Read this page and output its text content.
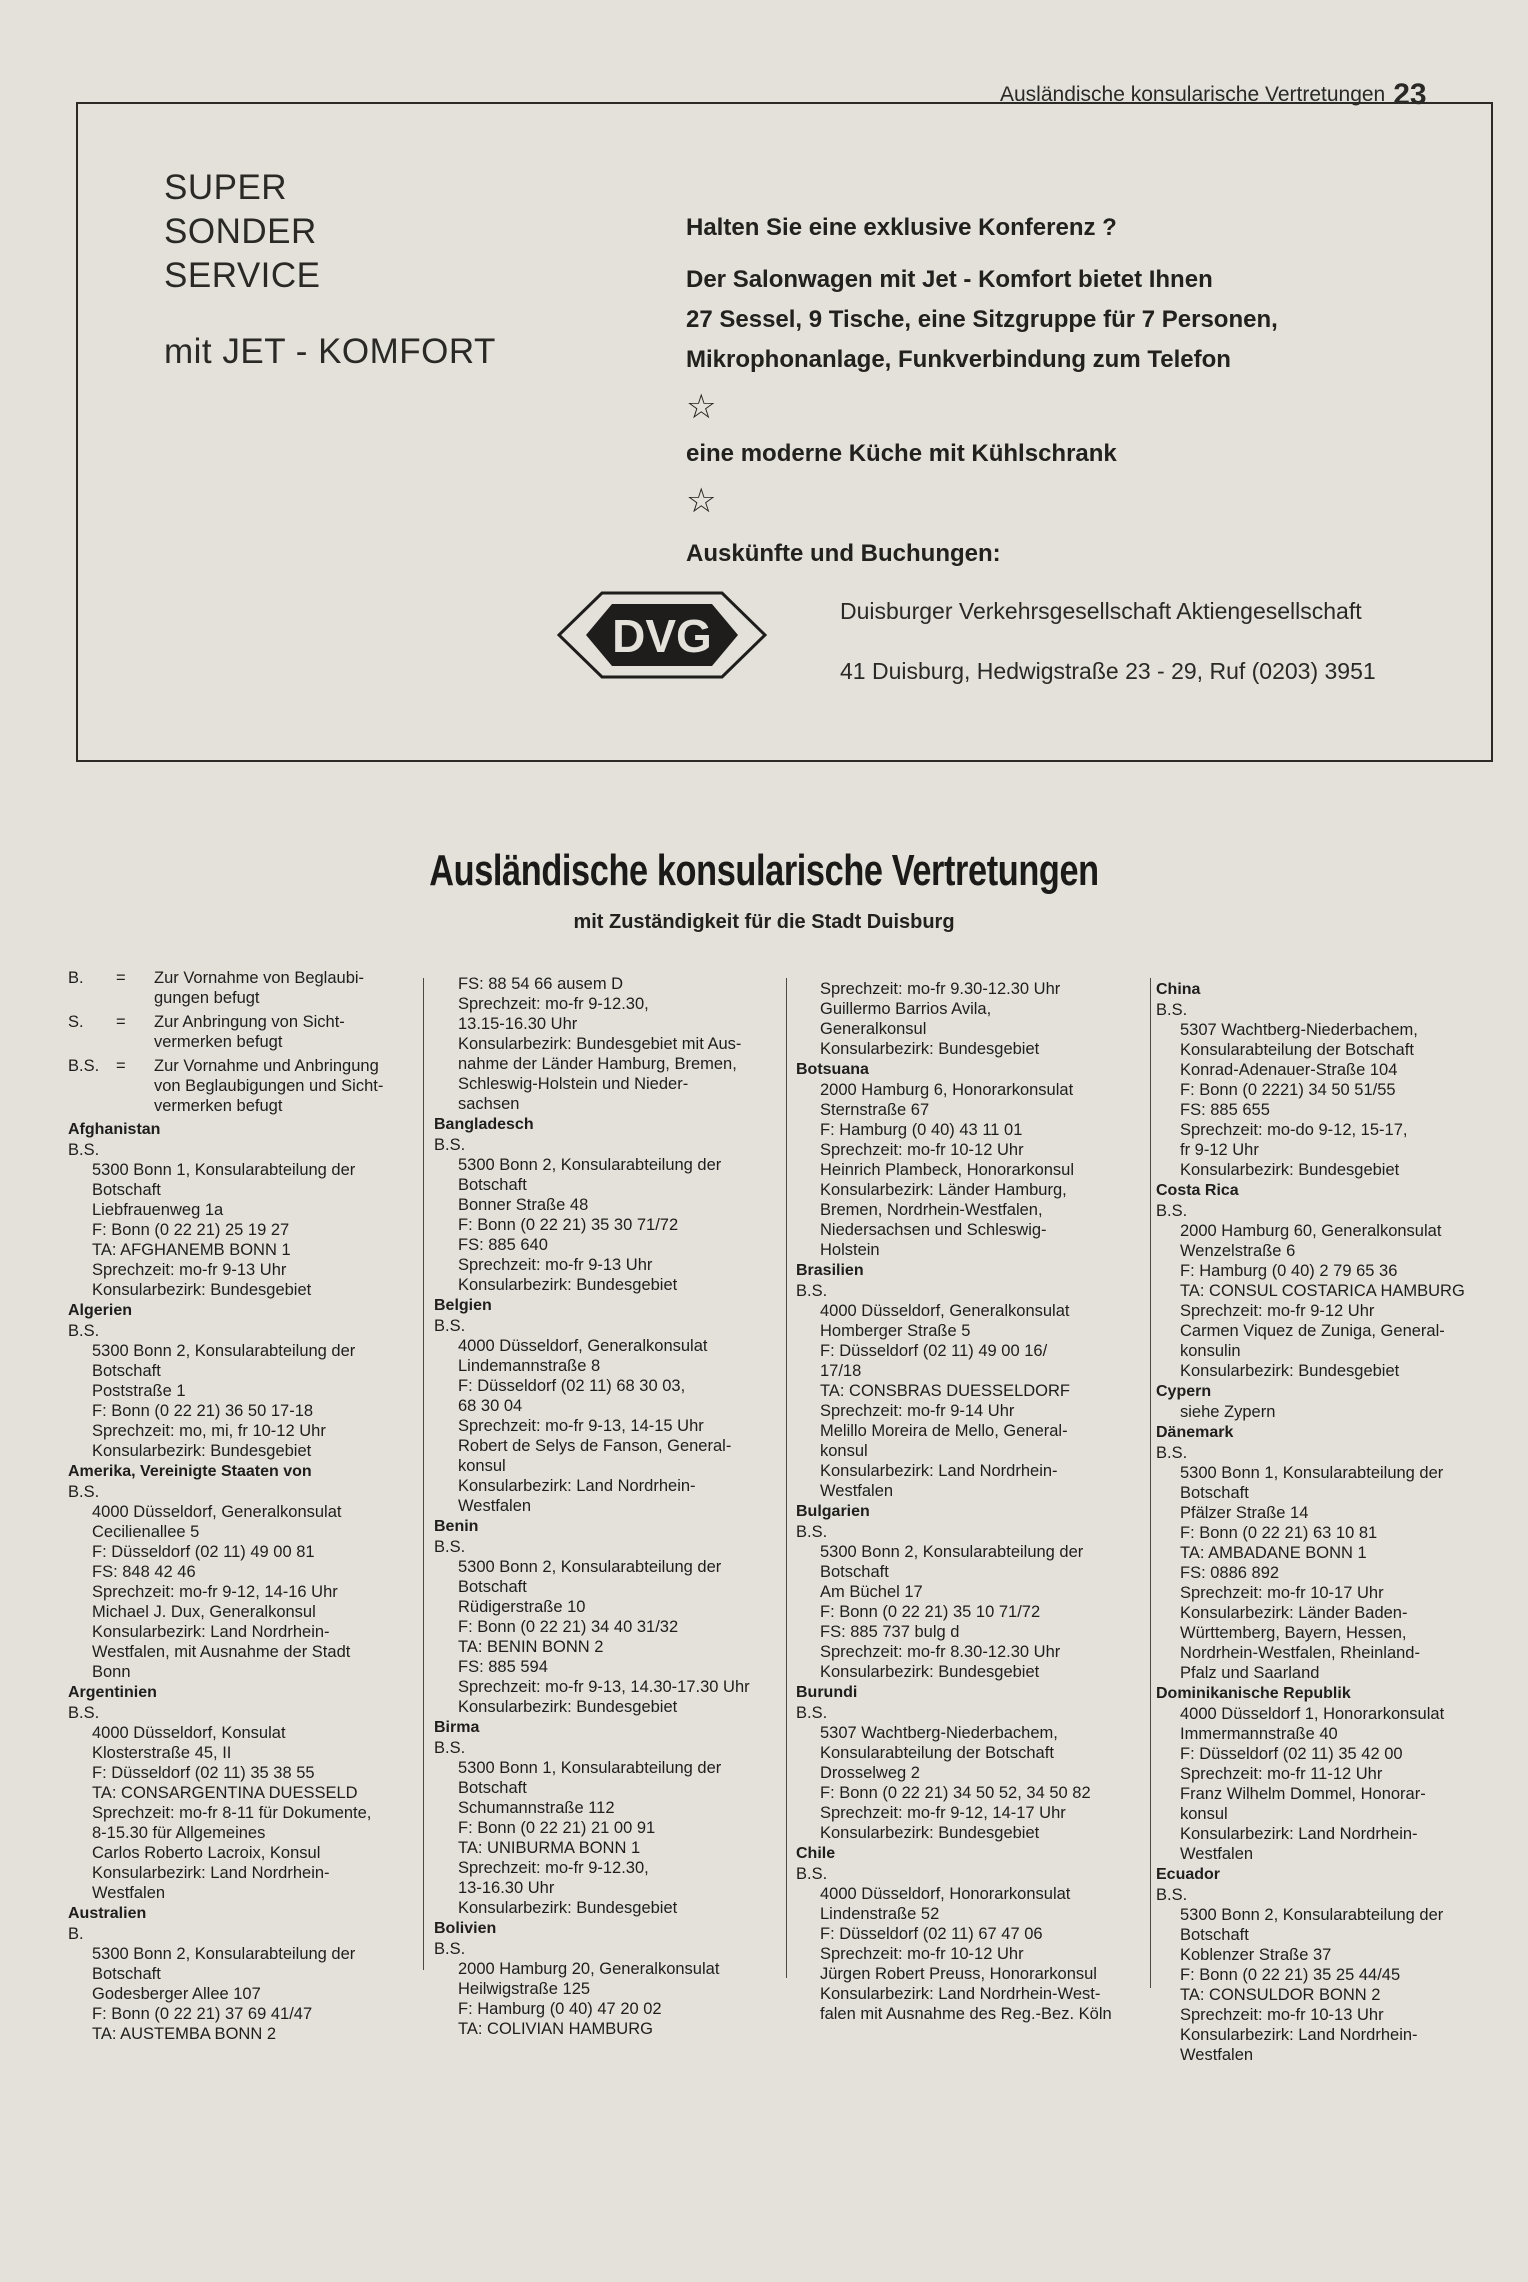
Ausländische konsularische Vertretungen 23
SUPER
SONDER
SERVICE
mit JET - KOMFORT
Halten Sie eine exklusive Konferenz ?
Der Salonwagen mit Jet - Komfort bietet Ihnen
27 Sessel, 9 Tische, eine Sitzgruppe für 7 Personen,
Mikrophonanlage, Funkverbindung zum Telefon
☆
eine moderne Küche mit Kühlschrank
☆
Auskünfte und Buchungen:
DVG	Duisburger Verkehrsgesellschaft Aktiengesellschaft
41 Duisburg, Hedwigstraße 23 - 29, Ruf (0203) 3951
Ausländische konsularische Vertretungen
mit Zuständigkeit für die Stadt Duisburg
B.	=	Zur Vornahme von Beglaubi-
gungen befugt
S.	=	Zur Anbringung von Sicht-
vermerken befugt
B.S.	=	Zur Vornahme und Anbringung
von Beglaubigungen und Sicht-
vermerken befugt
Afghanistan
B.S.
5300 Bonn 1, Konsularabteilung der
Botschaft
Liebfrauenweg 1a
F: Bonn (0 22 21) 25 19 27
TA: AFGHANEMB BONN 1
Sprechzeit: mo-fr 9-13 Uhr
Konsularbezirk: Bundesgebiet
Algerien
B.S.
5300 Bonn 2, Konsularabteilung der
Botschaft
Poststraße 1
F: Bonn (0 22 21) 36 50 17-18
Sprechzeit: mo, mi, fr 10-12 Uhr
Konsularbezirk: Bundesgebiet
Amerika, Vereinigte Staaten von
B.S.
4000 Düsseldorf, Generalkonsulat
Cecilienallee 5
F: Düsseldorf (02 11) 49 00 81
FS: 848 42 46
Sprechzeit: mo-fr 9-12, 14-16 Uhr
Michael J. Dux, Generalkonsul
Konsularbezirk: Land Nordrhein-
Westfalen, mit Ausnahme der Stadt
Bonn
Argentinien
B.S.
4000 Düsseldorf, Konsulat
Klosterstraße 45, II
F: Düsseldorf (02 11) 35 38 55
TA: CONSARGENTINA DUESSELD
Sprechzeit: mo-fr 8-11 für Dokumente,
8-15.30 für Allgemeines
Carlos Roberto Lacroix, Konsul
Konsularbezirk: Land Nordrhein-
Westfalen
Australien
B.
5300 Bonn 2, Konsularabteilung der
Botschaft
Godesberger Allee 107
F: Bonn (0 22 21) 37 69 41/47
TA: AUSTEMBA BONN 2
FS: 88 54 66 ausem D
Sprechzeit: mo-fr 9-12.30,
13.15-16.30 Uhr
Konsularbezirk: Bundesgebiet mit Aus-
nahme der Länder Hamburg, Bremen,
Schleswig-Holstein und Nieder-
sachsen
Bangladesch
B.S.
5300 Bonn 2, Konsularabteilung der
Botschaft
Bonner Straße 48
F: Bonn (0 22 21) 35 30 71/72
FS: 885 640
Sprechzeit: mo-fr 9-13 Uhr
Konsularbezirk: Bundesgebiet
Belgien
B.S.
4000 Düsseldorf, Generalkonsulat
Lindemannstraße 8
F: Düsseldorf (02 11) 68 30 03,
68 30 04
Sprechzeit: mo-fr 9-13, 14-15 Uhr
Robert de Selys de Fanson, General-
konsul
Konsularbezirk: Land Nordrhein-
Westfalen
Benin
B.S.
5300 Bonn 2, Konsularabteilung der
Botschaft
Rüdigerstraße 10
F: Bonn (0 22 21) 34 40 31/32
TA: BENIN BONN 2
FS: 885 594
Sprechzeit: mo-fr 9-13, 14.30-17.30 Uhr
Konsularbezirk: Bundesgebiet
Birma
B.S.
5300 Bonn 1, Konsularabteilung der
Botschaft
Schumannstraße 112
F: Bonn (0 22 21) 21 00 91
TA: UNIBURMA BONN 1
Sprechzeit: mo-fr 9-12.30,
13-16.30 Uhr
Konsularbezirk: Bundesgebiet
Bolivien
B.S.
2000 Hamburg 20, Generalkonsulat
Heilwigstraße 125
F: Hamburg (0 40) 47 20 02
TA: COLIVIAN HAMBURG
Sprechzeit: mo-fr 9.30-12.30 Uhr
Guillermo Barrios Avila,
Generalkonsul
Konsularbezirk: Bundesgebiet
Botsuana
2000 Hamburg 6, Honorarkonsulat
Sternstraße 67
F: Hamburg (0 40) 43 11 01
Sprechzeit: mo-fr 10-12 Uhr
Heinrich Plambeck, Honorarkonsul
Konsularbezirk: Länder Hamburg,
Bremen, Nordrhein-Westfalen,
Niedersachsen und Schleswig-
Holstein
Brasilien
B.S.
4000 Düsseldorf, Generalkonsulat
Homberger Straße 5
F: Düsseldorf (02 11) 49 00 16/
17/18
TA: CONSBRAS DUESSELDORF
Sprechzeit: mo-fr 9-14 Uhr
Melillo Moreira de Mello, General-
konsul
Konsularbezirk: Land Nordrhein-
Westfalen
Bulgarien
B.S.
5300 Bonn 2, Konsularabteilung der
Botschaft
Am Büchel 17
F: Bonn (0 22 21) 35 10 71/72
FS: 885 737 bulg d
Sprechzeit: mo-fr 8.30-12.30 Uhr
Konsularbezirk: Bundesgebiet
Burundi
B.S.
5307 Wachtberg-Niederbachem,
Konsularabteilung der Botschaft
Drosselweg 2
F: Bonn (0 22 21) 34 50 52, 34 50 82
Sprechzeit: mo-fr 9-12, 14-17 Uhr
Konsularbezirk: Bundesgebiet
Chile
B.S.
4000 Düsseldorf, Honorarkonsulat
Lindenstraße 52
F: Düsseldorf (02 11) 67 47 06
Sprechzeit: mo-fr 10-12 Uhr
Jürgen Robert Preuss, Honorarkonsul
Konsularbezirk: Land Nordrhein-West-
falen mit Ausnahme des Reg.-Bez. Köln
China
B.S.
5307 Wachtberg-Niederbachem,
Konsularabteilung der Botschaft
Konrad-Adenauer-Straße 104
F: Bonn (0 2221) 34 50 51/55
FS: 885 655
Sprechzeit: mo-do 9-12, 15-17,
fr 9-12 Uhr
Konsularbezirk: Bundesgebiet
Costa Rica
B.S.
2000 Hamburg 60, Generalkonsulat
Wenzelstraße 6
F: Hamburg (0 40) 2 79 65 36
TA: CONSUL COSTARICA HAMBURG
Sprechzeit: mo-fr 9-12 Uhr
Carmen Viquez de Zuniga, General-
konsulin
Konsularbezirk: Bundesgebiet
Cypern
siehe Zypern
Dänemark
B.S.
5300 Bonn 1, Konsularabteilung der
Botschaft
Pfälzer Straße 14
F: Bonn (0 22 21) 63 10 81
TA: AMBADANE BONN 1
FS: 0886 892
Sprechzeit: mo-fr 10-17 Uhr
Konsularbezirk: Länder Baden-
Württemberg, Bayern, Hessen,
Nordrhein-Westfalen, Rheinland-
Pfalz und Saarland
Dominikanische Republik
4000 Düsseldorf 1, Honorarkonsulat
Immermannstraße 40
F: Düsseldorf (02 11) 35 42 00
Sprechzeit: mo-fr 11-12 Uhr
Franz Wilhelm Dommel, Honorar-
konsul
Konsularbezirk: Land Nordrhein-
Westfalen
Ecuador
B.S.
5300 Bonn 2, Konsularabteilung der
Botschaft
Koblenzer Straße 37
F: Bonn (0 22 21) 35 25 44/45
TA: CONSULDOR BONN 2
Sprechzeit: mo-fr 10-13 Uhr
Konsularbezirk: Land Nordrhein-
Westfalen
